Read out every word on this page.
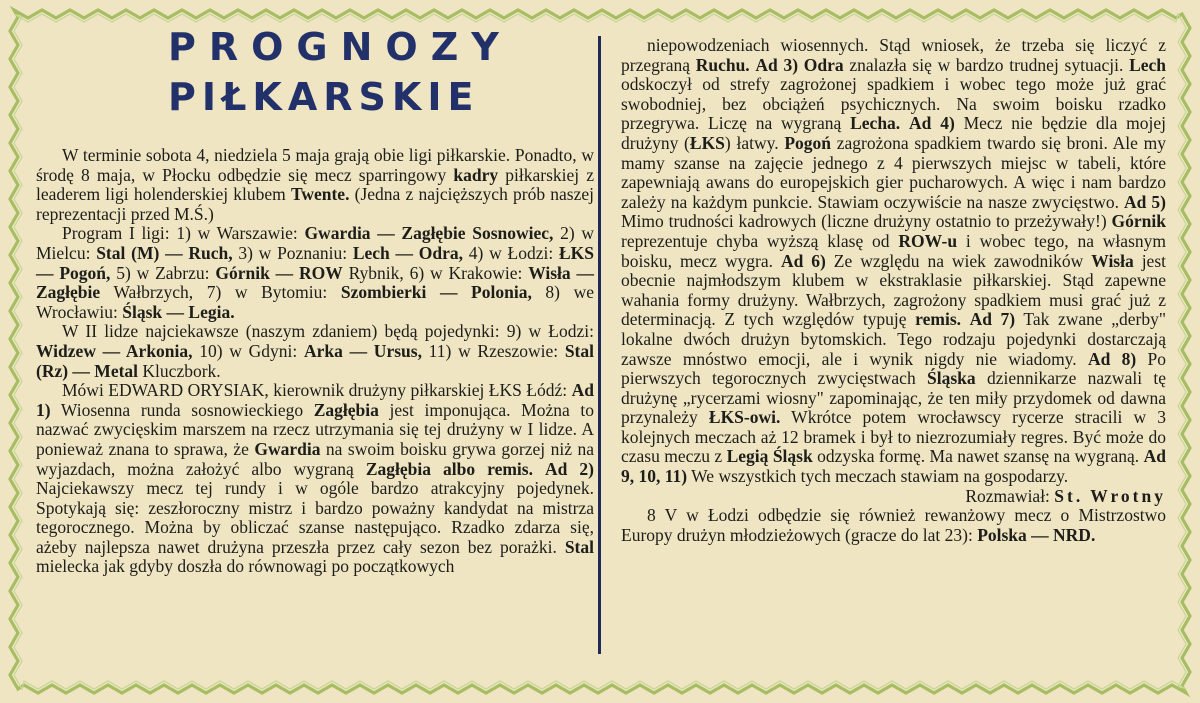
PROGNOZY
PIŁKARSKIE

W terminie sobota 4, niedziela 5 maja grają obie ligi piłkarskie. Ponadto, w środę 8 maja, w Płocku odbędzie się mecz sparringowy kadry piłkarskiej z leaderem ligi holenderskiej klubem Twente. (Jedna z najcięższych prób naszej reprezentacji przed M.Ś.)

Program I ligi: 1) w Warszawie: Gwardia — Zagłębie Sosnowiec, 2) w Mielcu: Stal (M) — Ruch, 3) w Poznaniu: Lech — Odra, 4) w Łodzi: ŁKS — Pogoń, 5) w Zabrzu: Górnik — ROW Rybnik, 6) w Krakowie: Wisła — Zagłębie Wałbrzych, 7) w Bytomiu: Szombierki — Polonia, 8) we Wrocławiu: Śląsk — Legia.

W II lidze najciekawsze (naszym zdaniem) będą pojedynki: 9) w Łodzi: Widzew — Arkonia, 10) w Gdyni: Arka — Ursus, 11) w Rzeszowie: Stal (Rz) — Metal Kluczbork.

Mówi EDWARD ORYSIAK, kierownik drużyny piłkarskiej ŁKS Łódź: Ad 1) Wiosenna runda sosnowieckiego Zagłębia jest imponująca. Można to nazwać zwycięskim marszem na rzecz utrzymania się tej drużyny w I lidze. A ponieważ znana to sprawa, że Gwardia na swoim boisku grywa gorzej niż na wyjazdach, można założyć albo wygraną Zagłębia albo remis. Ad 2) Najciekawszy mecz tej rundy i w ogóle bardzo atrakcyjny pojedynek. Spotykają się: zeszłoroczny mistrz i bardzo poważny kandydat na mistrza tegorocznego. Można by obliczać szanse następująco. Rzadko zdarza się, ażeby najlepsza nawet drużyna przeszła przez cały sezon bez porażki. Stal mielecka jak gdyby doszła do równowagi po początkowych

niepowodzeniach wiosennych. Stąd wniosek, że trzeba się liczyć z przegraną Ruchu. Ad 3) Odra znalazła się w bardzo trudnej sytuacji. Lech odskoczył od strefy zagrożonej spadkiem i wobec tego może już grać swobodniej, bez obciążeń psychicznych. Na swoim boisku rzadko przegrywa. Liczę na wygraną Lecha. Ad 4) Mecz nie będzie dla mojej drużyny (ŁKS) łatwy. Pogoń zagrożona spadkiem twardo się broni. Ale my mamy szanse na zajęcie jednego z 4 pierwszych miejsc w tabeli, które zapewniają awans do europejskich gier pucharowych. A więc i nam bardzo zależy na każdym punkcie. Stawiam oczywiście na nasze zwycięstwo. Ad 5) Mimo trudności kadrowych (liczne drużyny ostatnio to przeżywały!) Górnik reprezentuje chyba wyższą klasę od ROW-u i wobec tego, na własnym boisku, mecz wygra. Ad 6) Ze względu na wiek zawodników Wisła jest obecnie najmłodszym klubem w ekstraklasie piłkarskiej. Stąd zapewne wahania formy drużyny. Wałbrzych, zagrożony spadkiem musi grać już z determinacją. Z tych względów typuję remis. Ad 7) Tak zwane „derby" lokalne dwóch drużyn bytomskich. Tego rodzaju pojedynki dostarczają zawsze mnóstwo emocji, ale i wynik nigdy nie wiadomy. Ad 8) Po pierwszych tegorocznych zwycięstwach Śląska dziennikarze nazwali tę drużynę „rycerzami wiosny" zapominając, że ten miły przydomek od dawna przynależy ŁKS-owi. Wkrótce potem wrocławscy rycerze stracili w 3 kolejnych meczach aż 12 bramek i był to niezrozumiały regres. Być może do czasu meczu z Legią Śląsk odzyska formę. Ma nawet szansę na wygraną. Ad 9, 10, 11) We wszystkich tych meczach stawiam na gospodarzy.

Rozmawiał: St. Wrotny

8 V w Łodzi odbędzie się również rewanżowy mecz o Mistrzostwo Europy drużyn młodzieżowych (gracze do lat 23): Polska — NRD.
